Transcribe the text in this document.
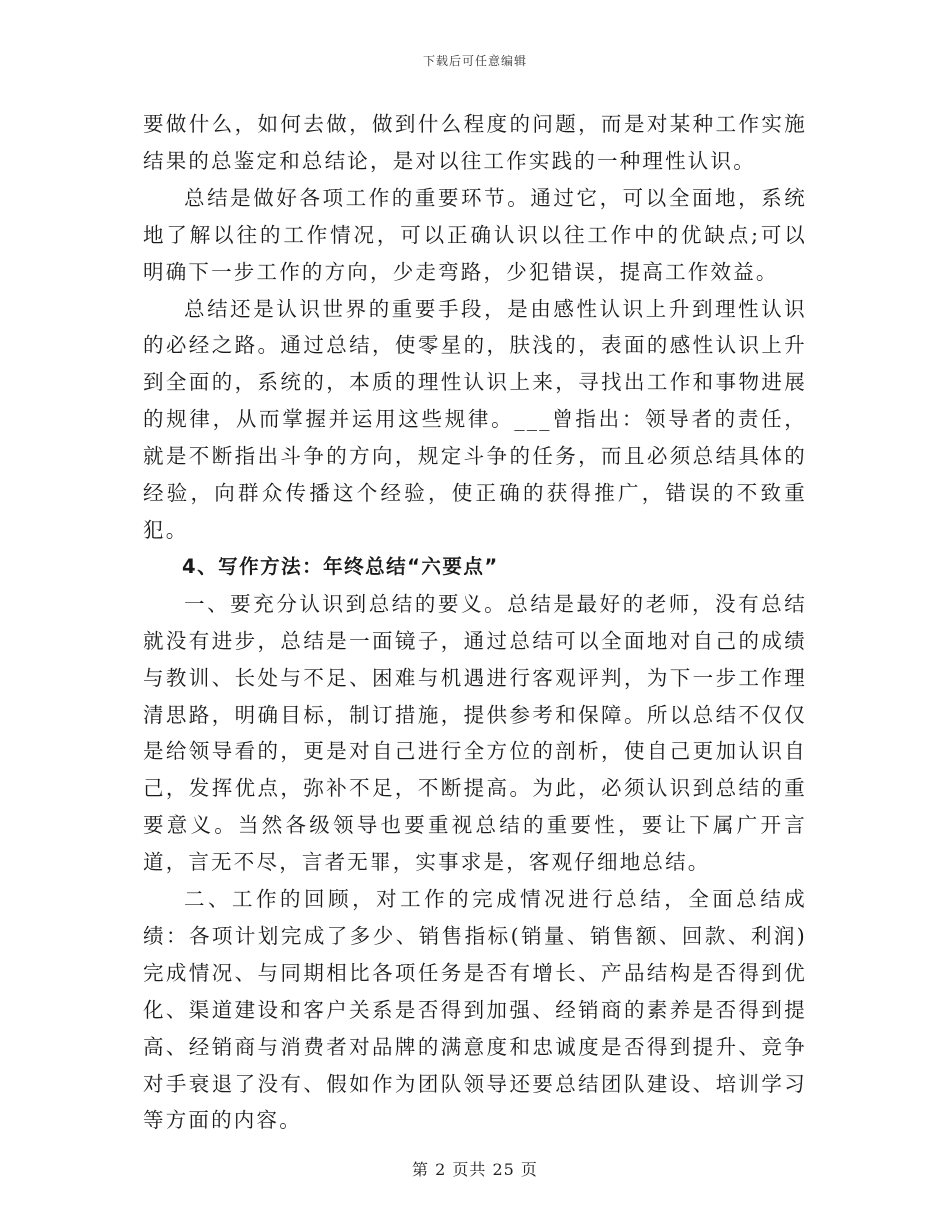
下载后可任意编辑

要做什么，如何去做，做到什么程度的问题，而是对某种工作实施结果的总鉴定和总结论，是对以往工作实践的一种理性认识。

总结是做好各项工作的重要环节。通过它，可以全面地，系统地了解以往的工作情况，可以正确认识以往工作中的优缺点;可以明确下一步工作的方向，少走弯路，少犯错误，提高工作效益。

总结还是认识世界的重要手段，是由感性认识上升到理性认识的必经之路。通过总结，使零星的，肤浅的，表面的感性认识上升到全面的，系统的，本质的理性认识上来，寻找出工作和事物进展的规律，从而掌握并运用这些规律。___曾指出：领导者的责任，就是不断指出斗争的方向，规定斗争的任务，而且必须总结具体的经验，向群众传播这个经验，使正确的获得推广，错误的不致重犯。

4、写作方法：年终总结“六要点”

一、要充分认识到总结的要义。总结是最好的老师，没有总结就没有进步，总结是一面镜子，通过总结可以全面地对自己的成绩与教训、长处与不足、困难与机遇进行客观评判，为下一步工作理清思路，明确目标，制订措施，提供参考和保障。所以总结不仅仅是给领导看的，更是对自己进行全方位的剖析，使自己更加认识自己，发挥优点，弥补不足，不断提高。为此，必须认识到总结的重要意义。当然各级领导也要重视总结的重要性，要让下属广开言道，言无不尽，言者无罪，实事求是，客观仔细地总结。

二、工作的回顾，对工作的完成情况进行总结，全面总结成绩：各项计划完成了多少、销售指标(销量、销售额、回款、利润)完成情况、与同期相比各项任务是否有增长、产品结构是否得到优化、渠道建设和客户关系是否得到加强、经销商的素养是否得到提高、经销商与消费者对品牌的满意度和忠诚度是否得到提升、竞争对手衰退了没有、假如作为团队领导还要总结团队建设、培训学习等方面的内容。

第 2 页共 25 页
